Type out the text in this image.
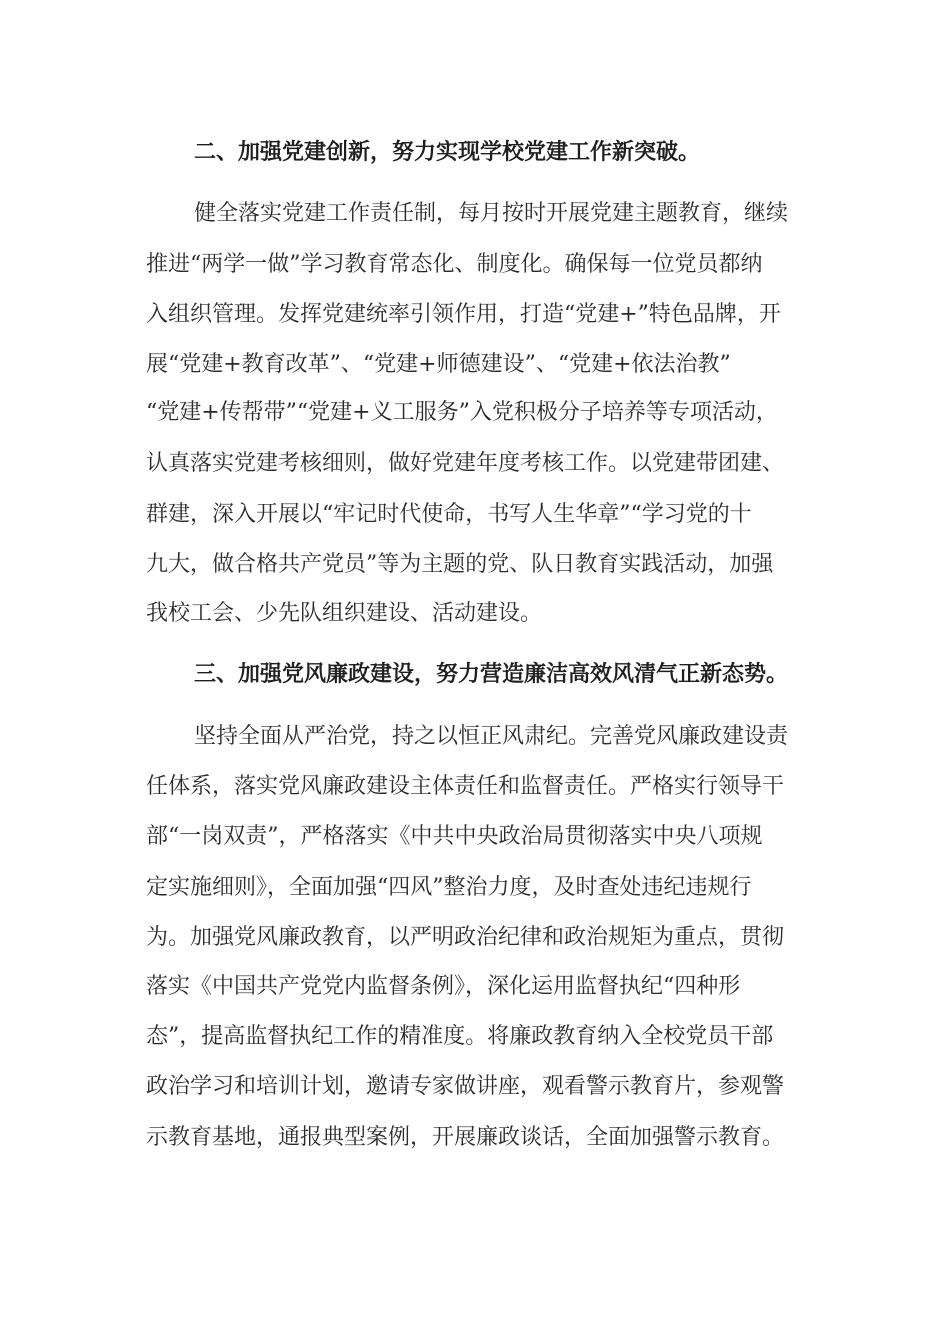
二、加强党建创新，努力实现学校党建工作新突破。
健全落实党建工作责任制，每月按时开展党建主题教育，继续
推进“两学一做”学习教育常态化、制度化。确保每一位党员都纳
入组织管理。发挥党建统率引领作用，打造“党建+”特色品牌，开
展“党建+教育改革”、“党建+师德建设”、“党建+依法治教”
“党建+传帮带”“党建+义工服务”入党积极分子培养等专项活动，
认真落实党建考核细则，做好党建年度考核工作。以党建带团建、
群建，深入开展以“牢记时代使命，书写人生华章”“学习党的十
九大，做合格共产党员”等为主题的党、队日教育实践活动，加强
我校工会、少先队组织建设、活动建设。
三、加强党风廉政建设，努力营造廉洁高效风清气正新态势。
坚持全面从严治党，持之以恒正风肃纪。完善党风廉政建设责
任体系，落实党风廉政建设主体责任和监督责任。严格实行领导干
部“一岗双责”，严格落实《中共中央政治局贯彻落实中央八项规
定实施细则》，全面加强“四风”整治力度，及时查处违纪违规行
为。加强党风廉政教育，以严明政治纪律和政治规矩为重点，贯彻
落实《中国共产党党内监督条例》，深化运用监督执纪“四种形
态”，提高监督执纪工作的精准度。将廉政教育纳入全校党员干部
政治学习和培训计划，邀请专家做讲座，观看警示教育片，参观警
示教育基地，通报典型案例，开展廉政谈话，全面加强警示教育。
